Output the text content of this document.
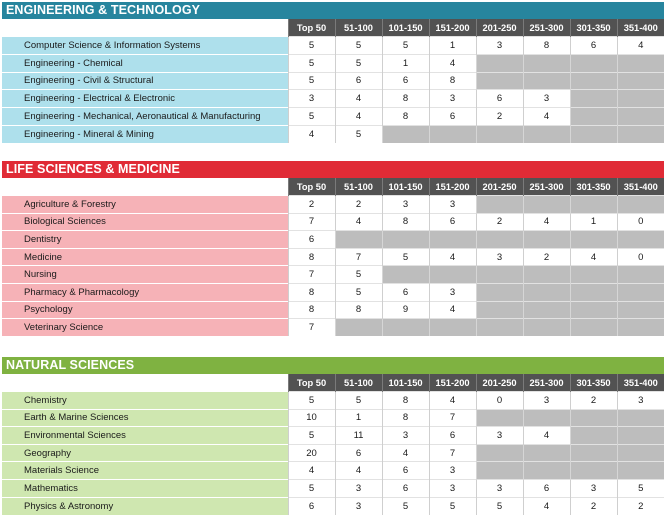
ENGINEERING & TECHNOLOGY
	Top 50	51-100	101-150	151-200	201-250	251-300	301-350	351-400
Computer Science & Information Systems	5	5	5	1	3	8	6	4
Engineering - Chemical	5	5	1	4				
Engineering - Civil & Structural	5	6	6	8				
Engineering - Electrical & Electronic	3	4	8	3	6	3		
Engineering - Mechanical, Aeronautical & Manufacturing	5	4	8	6	2	4		
Engineering - Mineral & Mining	4	5						
LIFE SCIENCES & MEDICINE
	Top 50	51-100	101-150	151-200	201-250	251-300	301-350	351-400
Agriculture & Forestry	2	2	3	3				
Biological Sciences	7	4	8	6	2	4	1	0
Dentistry	6							
Medicine	8	7	5	4	3	2	4	0
Nursing	7	5						
Pharmacy & Pharmacology	8	5	6	3				
Psychology	8	8	9	4				
Veterinary Science	7							
NATURAL SCIENCES
	Top 50	51-100	101-150	151-200	201-250	251-300	301-350	351-400
Chemistry	5	5	8	4	0	3	2	3
Earth & Marine Sciences	10	1	8	7				
Environmental Sciences	5	11	3	6	3	4		
Geography	20	6	4	7				
Materials Science	4	4	6	3				
Mathematics	5	3	6	3	3	6	3	5
Physics & Astronomy	6	3	5	5	5	4	2	2
